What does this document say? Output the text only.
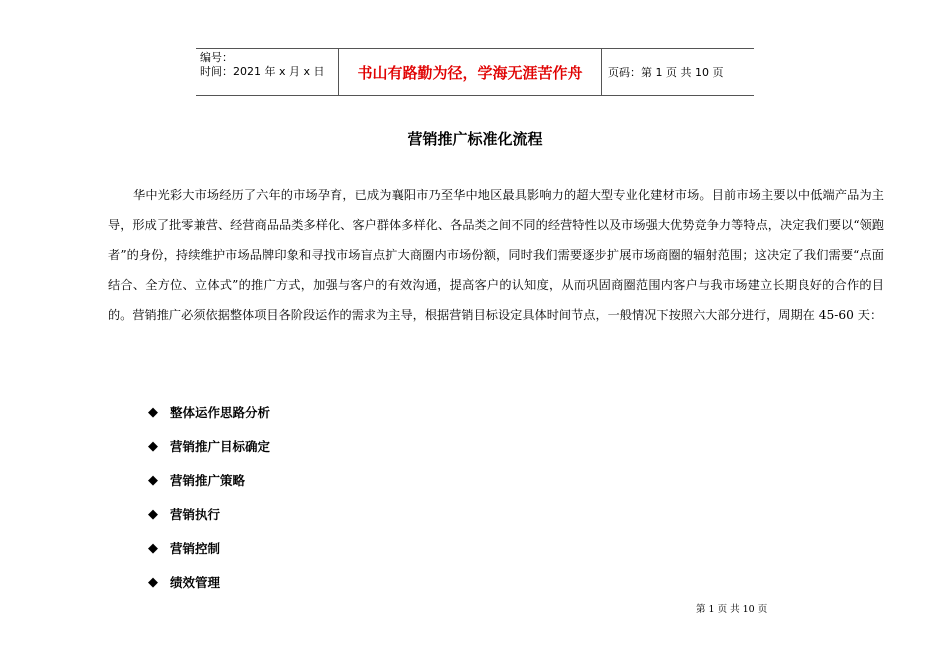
编号：
时间：2021 年 x 月 x 日	书山有路勤为径，学海无涯苦作舟	页码：第 1 页 共 10 页
营销推广标准化流程
华中光彩大市场经历了六年的市场孕育，已成为襄阳市乃至华中地区最具影响力的超大型专业化建材市场。目前市场主要以中低端产品为主导，形成了批零兼营、经营商品品类多样化、客户群体多样化、各品类之间不同的经营特性以及市场强大优势竞争力等特点，决定我们要以“领跑者”的身份，持续维护市场品牌印象和寻找市场盲点扩大商圈内市场份额，同时我们需要逐步扩展市场商圈的辐射范围；这决定了我们需要“点面结合、全方位、立体式”的推广方式，加强与客户的有效沟通，提高客户的认知度，从而巩固商圈范围内客户与我市场建立长期良好的合作的目的。营销推广必须依据整体项目各阶段运作的需求为主导，根据营销目标设定具体时间节点，一般情况下按照六大部分进行，周期在 45-60 天：
◆ 整体运作思路分析
◆ 营销推广目标确定
◆ 营销推广策略
◆ 营销执行
◆ 营销控制
◆ 绩效管理
第 1 页 共 10 页
